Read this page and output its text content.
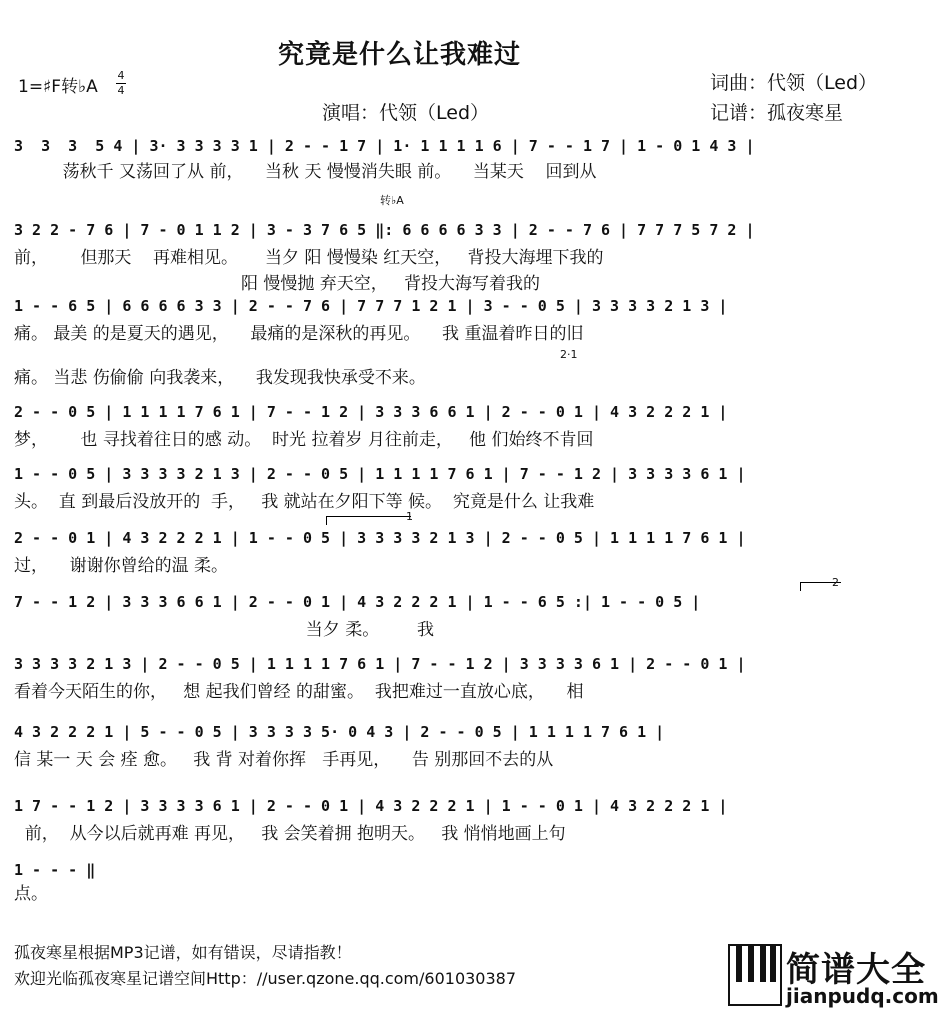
究竟是什么让我难过
1=♯F转♭A
4
4	词曲：代领（Led）
记谱：孤夜寒星
演唱：代领（Led）
转♭A
2·1
1
2
3  3  3  5 4 | 3· 3 3 3 3 1 | 2 - - 1 7 | 1· 1 1 1 1 6 | 7 - - 1 7 | 1 - 0 1 4 3 |
荡秋千 又荡回了从 前，    当秋 天 慢慢消失眼 前。    当某天    回到从
3 2 2 - 7 6 | 7 - 0 1 1 2 | 3 - 3 7 6 5 ‖: 6 6 6 6 3 3 | 2 - - 7 6 | 7 7 7 5 7 2 |
前，      但那天    再难相见。     当夕 阳 慢慢染 红天空，   背投大海埋下我的
阳 慢慢抛 弃天空，   背投大海写着我的
1 - - 6 5 | 6 6 6 6 3 3 | 2 - - 7 6 | 7 7 7 1 2 1 | 3 - - 0 5 | 3 3 3 3 2 1 3 |
痛。 最美 的是夏天的遇见，    最痛的是深秋的再见。    我 重温着昨日的旧
痛。 当悲 伤偷偷 向我袭来，    我发现我快承受不来。
2 - - 0 5 | 1 1 1 1 7 6 1 | 7 - - 1 2 | 3 3 3 6 6 1 | 2 - - 0 1 | 4 3 2 2 2 1 |
梦，      也 寻找着往日的感 动。  时光 拉着岁 月往前走，   他 们始终不肯回
1 - - 0 5 | 3 3 3 3 2 1 3 | 2 - - 0 5 | 1 1 1 1 7 6 1 | 7 - - 1 2 | 3 3 3 3 6 1 |
头。  直 到最后没放开的  手，   我 就站在夕阳下等 候。  究竟是什么 让我难
2 - - 0 1 | 4 3 2 2 2 1 | 1 - - 0 5 | 3 3 3 3 2 1 3 | 2 - - 0 5 | 1 1 1 1 7 6 1 |
过，    谢谢你曾给的温 柔。
7 - - 1 2 | 3 3 3 6 6 1 | 2 - - 0 1 | 4 3 2 2 2 1 | 1 - - 6 5 :| 1 - - 0 5 |
当夕 柔。       我
3 3 3 3 2 1 3 | 2 - - 0 5 | 1 1 1 1 7 6 1 | 7 - - 1 2 | 3 3 3 3 6 1 | 2 - - 0 1 |
看着今天陌生的你，   想 起我们曾经 的甜蜜。  我把难过一直放心底，    相
4 3 2 2 2 1 | 5 - - 0 5 | 3 3 3 3 5· 0 4 3 | 2 - - 0 5 | 1 1 1 1 7 6 1 |
信 某一 天 会 痊 愈。   我 背 对着你挥   手再见，    告 别那回不去的从
1 7 - - 1 2 | 3 3 3 3 6 1 | 2 - - 0 1 | 4 3 2 2 2 1 | 1 - - 0 1 | 4 3 2 2 2 1 |
前，  从今以后就再难 再见，   我 会笑着拥 抱明天。   我 悄悄地画上句
1 - - - ‖
点。
孤夜寒星根据MP3记谱，如有错误，尽请指教！
欢迎光临孤夜寒星记谱空间Http：//user.qzone.qq.com/601030387	简谱大全
jianpudq.com
